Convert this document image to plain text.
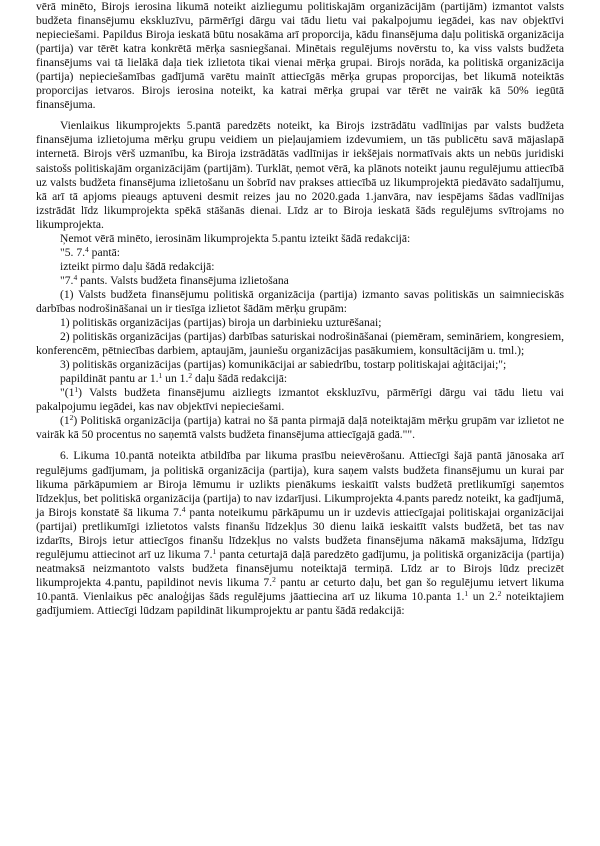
vērā minēto, Birojs ierosina likumā noteikt aizliegumu politiskajām organizācijām (partijām) izmantot valsts budžeta finansējumu ekskluzīvu, pārmērīgi dārgu vai tādu lietu vai pakalpojumu iegādei, kas nav objektīvi nepieciešami. Papildus Biroja ieskatā būtu nosakāma arī proporcija, kādu finansējuma daļu politiskā organizācija (partija) var tērēt katra konkrētā mērķa sasniegšanai. Minētais regulējums novērstu to, ka viss valsts budžeta finansējums vai tā lielākā daļa tiek izlietota tikai vienai mērķa grupai. Birojs norāda, ka politiskā organizācija (partija) nepieciešamības gadījumā varētu mainīt attiecīgās mērķa grupas proporcijas, bet likumā noteiktās proporcijas ietvaros. Birojs ierosina noteikt, ka katrai mērķa grupai var tērēt ne vairāk kā 50% iegūtā finansējuma.

Vienlaikus likumprojekts 5.pantā paredzēts noteikt, ka Birojs izstrādātu vadlīnijas par valsts budžeta finansējuma izlietojuma mērķu grupu veidiem un pieļaujamiem izdevumiem, un tās publicētu savā mājaslapā internetā. Birojs vērš uzmanību, ka Biroja izstrādātās vadlīnijas ir iekšējais normatīvais akts un nebūs juridiski saistošs politiskajām organizācijām (partijām). Turklāt, ņemot vērā, ka plānots noteikt jaunu regulējumu attiecībā uz valsts budžeta finansējuma izlietošanu un šobrīd nav prakses attiecībā uz likumprojektā piedāvāto sadalījumu, kā arī tā apjoms pieaugs aptuveni desmit reizes jau no 2020.gada 1.janvāra, nav iespējams šādas vadlīnijas izstrādāt līdz likumprojekta spēkā stāšanās dienai. Līdz ar to Biroja ieskatā šāds regulējums svītrojams no likumprojekta.

Ņemot vērā minēto, ierosinām likumprojekta 5.pantu izteikt šādā redakcijā:

"5. 7.$^4$ pantā:

izteikt pirmo daļu šādā redakcijā:

"7.$^4$ pants. Valsts budžeta finansējuma izlietošana

(1) Valsts budžeta finansējumu politiskā organizācija (partija) izmanto savas politiskās un saimnieciskās darbības nodrošināšanai un ir tiesīga izlietot šādām mērķu grupām:

1) politiskās organizācijas (partijas) biroja un darbinieku uzturēšanai;

2) politiskās organizācijas (partijas) darbības saturiskai nodrošināšanai (piemēram, semināriem, kongresiem, konferencēm, pētniecības darbiem, aptaujām, jauniešu organizācijas pasākumiem, konsultācijām u. tml.);

3) politiskās organizācijas (partijas) komunikācijai ar sabiedrību, tostarp politiskajai aģitācijai;";

papildināt pantu ar 1.$^1$ un 1.$^2$ daļu šādā redakcijā:

"$(1^1)$ Valsts budžeta finansējumu aizliegts izmantot ekskluzīvu, pārmērīgi dārgu vai tādu lietu vai pakalpojumu iegādei, kas nav objektīvi nepieciešami.

$(1^2)$ Politiskā organizācija (partija) katrai no šā panta pirmajā daļā noteiktajām mērķu grupām var izlietot ne vairāk kā 50 procentus no saņemtā valsts budžeta finansējuma attiecīgajā gadā."".

6. Likuma 10.pantā noteikta atbildība par likuma prasību neievērošanu. Attiecīgi šajā pantā jānosaka arī regulējums gadījumam, ja politiskā organizācija (partija), kura saņem valsts budžeta finansējumu un kurai par likuma pārkāpumiem ar Biroja lēmumu ir uzlikts pienākums ieskaitīt valsts budžetā pretlikumīgi saņemtos līdzekļus, bet politiskā organizācija (partija) to nav izdarījusi. Likumprojekta 4.pants paredz noteikt, ka gadījumā, ja Birojs konstatē šā likuma 7.$^4$ panta noteikumu pārkāpumu un ir uzdevis attiecīgajai politiskajai organizācijai (partijai) pretlikumīgi izlietotos valsts finanšu līdzekļus 30 dienu laikā ieskaitīt valsts budžetā, bet tas nav izdarīts, Birojs ietur attiecīgos finanšu līdzekļus no valsts budžeta finansējuma nākamā maksājuma, līdzīgu regulējumu attiecinot arī uz likuma 7.$^1$ panta ceturtajā daļā paredzēto gadījumu, ja politiskā organizācija (partija) neatmaksā neizmantoto valsts budžeta finansējumu noteiktajā termiņā. Līdz ar to Birojs lūdz precizēt likumprojekta 4.pantu, papildinot nevis likuma 7.$^2$ pantu ar ceturto daļu, bet gan šo regulējumu ietvert likuma 10.pantā. Vienlaikus pēc analoģijas šāds regulējums jāattiecina arī uz likuma 10.panta 1.$^1$ un 2.$^2$ noteiktajiem gadījumiem. Attiecīgi lūdzam papildināt likumprojektu ar pantu šādā redakcijā:
